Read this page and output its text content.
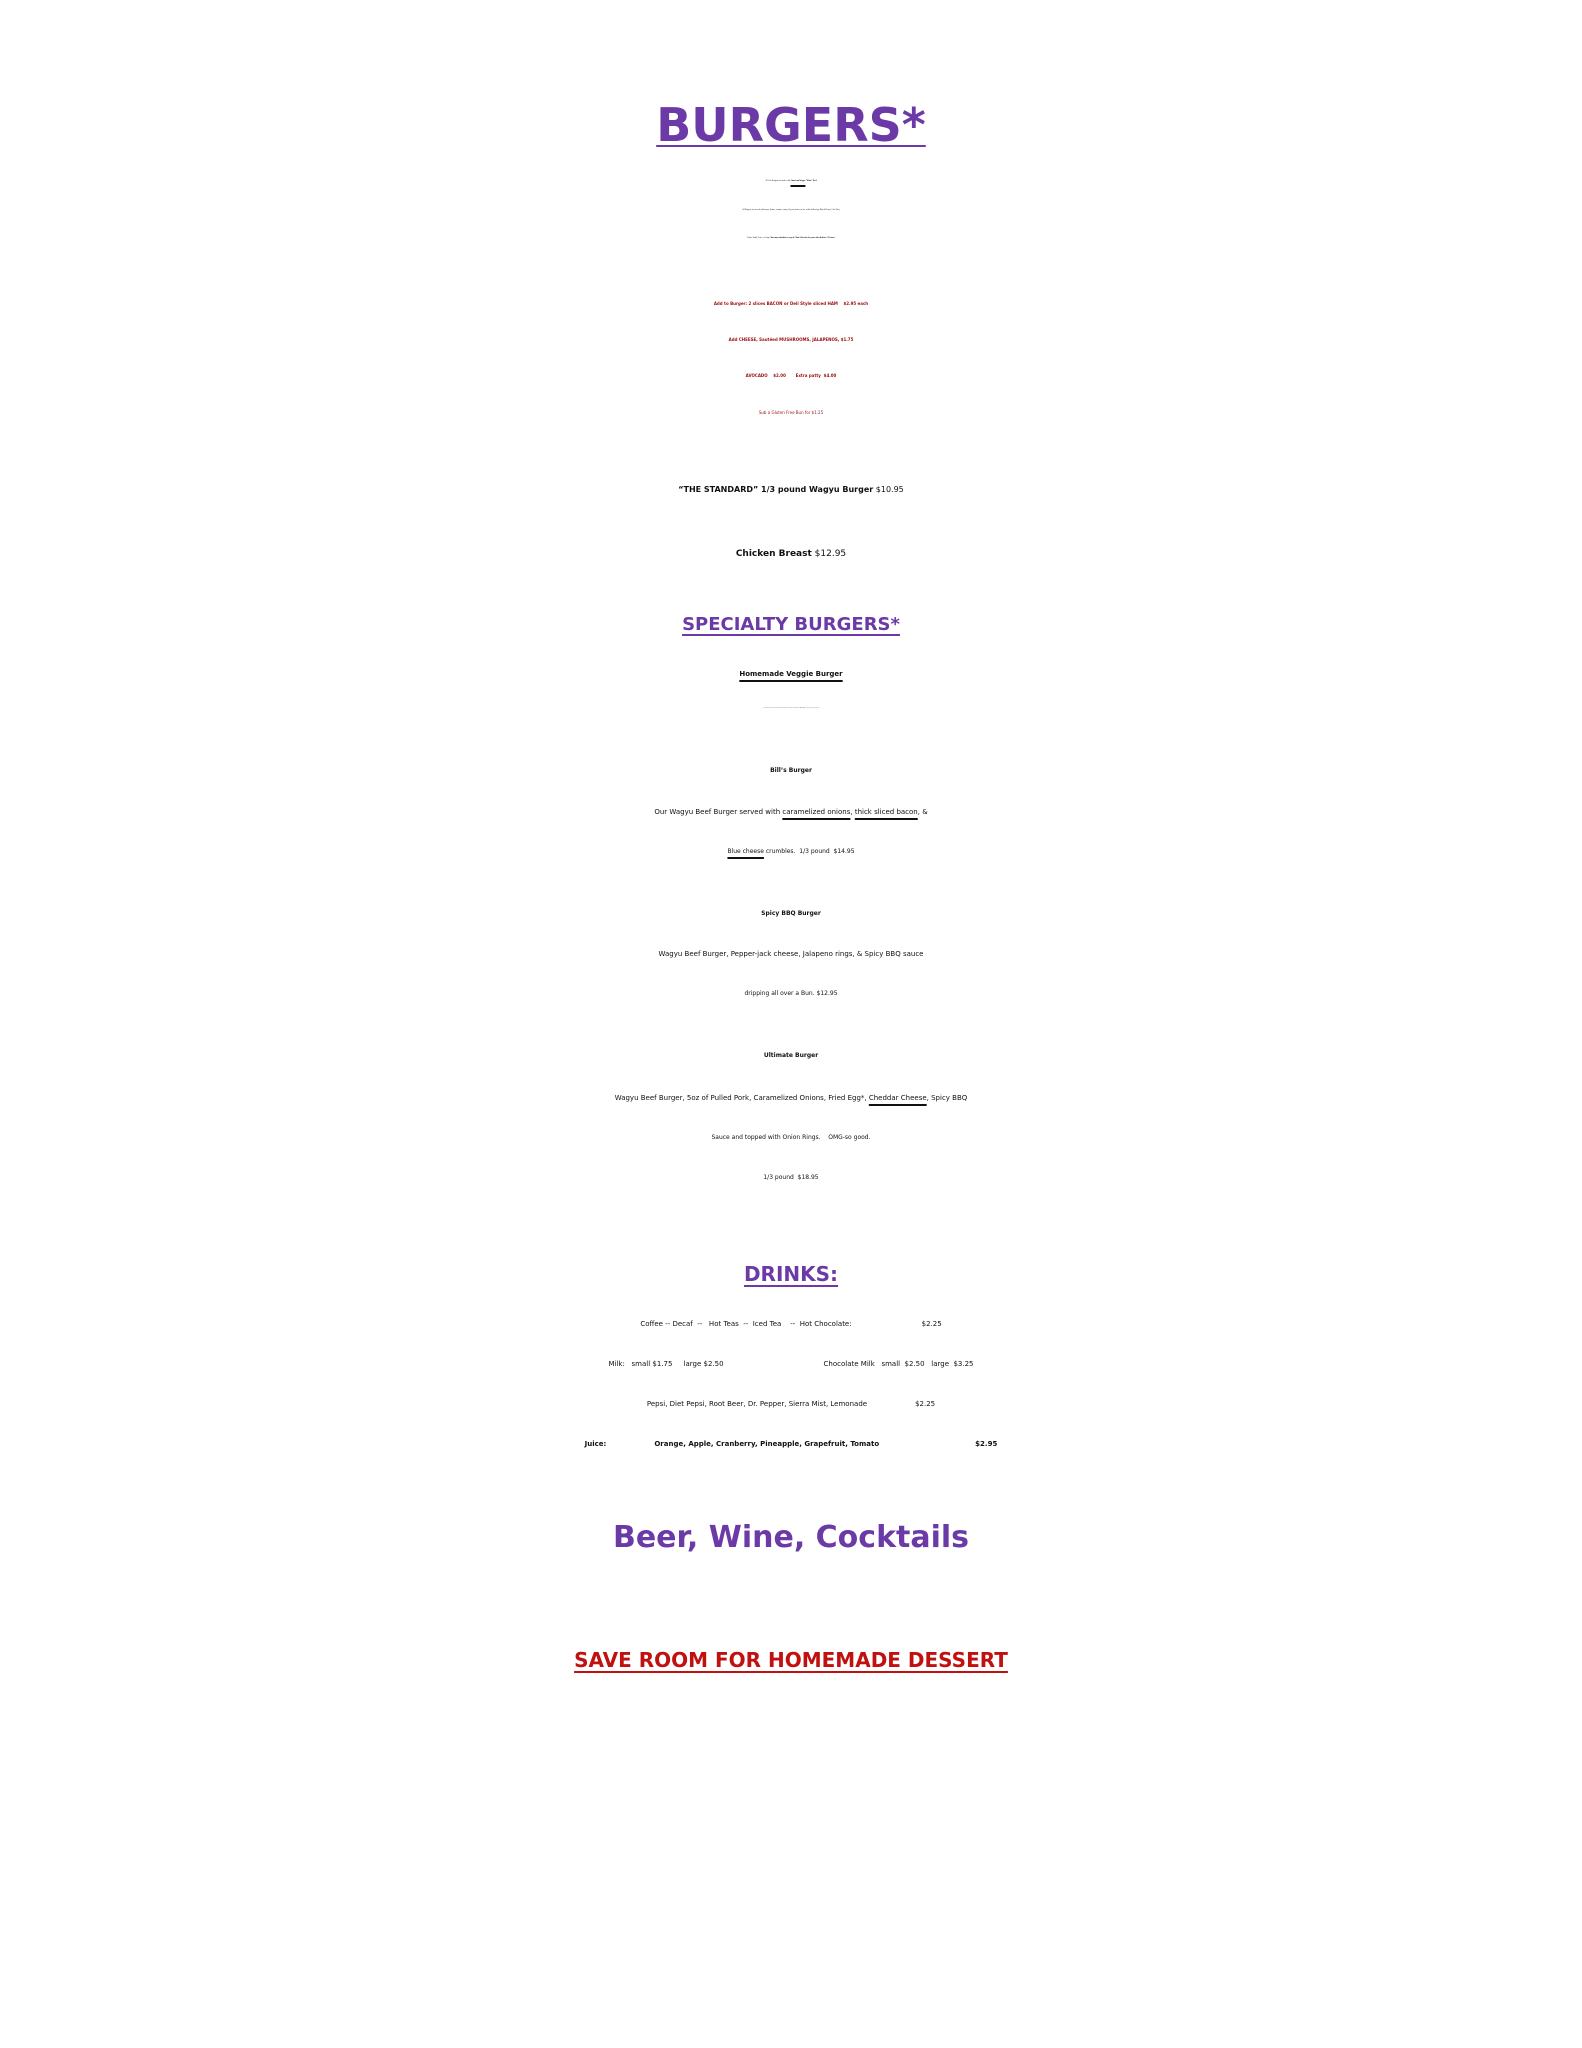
BURGERS*
All Our Burgers are made with American Wagyu “Kobe” Beef
All Burgers are served with mayo, lettuce, tomato, onion, & your choice of one of the following: Baked Beans, Cole Slaw,
Potato Salad, Fries, or Soup. You may substitute a cup of Clam Chowder for your side dish for 1.25 more
Add to Burger: 2 slices BACON or Deli Style sliced HAM    $2.95 each
Add CHEESE, Sautéed MUSHROOMS, JALAPENOS, $1.75
AVOCADO    $2.00       Extra patty  $4.00
Sub a Gluten Free Bun for $1.25
“THE STANDARD” 1/3 pound Wagyu Burger $10.95
Chicken Breast $12.95
SPECIALTY BURGERS*
Homemade Veggie Burger
(Made from our own recipe with nuts, veggies, bread, spices, and apple. No Beans).  Served on a bun.  $12.95
Bill’s Burger
Our Wagyu Beef Burger served with caramelized onions, thick sliced bacon, &
Blue cheese crumbles.  1/3 pound  $14.95
Spicy BBQ Burger
Wagyu Beef Burger, Pepper-jack cheese, Jalapeno rings, & Spicy BBQ sauce
dripping all over a Bun. $12.95
Ultimate Burger
Wagyu Beef Burger, 5oz of Pulled Pork, Caramelized Onions, Fried Egg*, Cheddar Cheese, Spicy BBQ
Sauce and topped with Onion Rings.    OMG-so good.
1/3 pound  $18.95
DRINKS:
Coffee -- Decaf  --   Hot Teas  --  Iced Tea    --  Hot Chocolate:	$2.25
Milk:   small $1.75     large $2.50	Chocolate Milk   small  $2.50   large  $3.25
Pepsi, Diet Pepsi, Root Beer, Dr. Pepper, Sierra Mist, Lemonade	$2.25
Juice:	Orange, Apple, Cranberry, Pineapple, Grapefruit, Tomato	$2.95
Beer, Wine, Cocktails
SAVE ROOM FOR HOMEMADE DESSERT
